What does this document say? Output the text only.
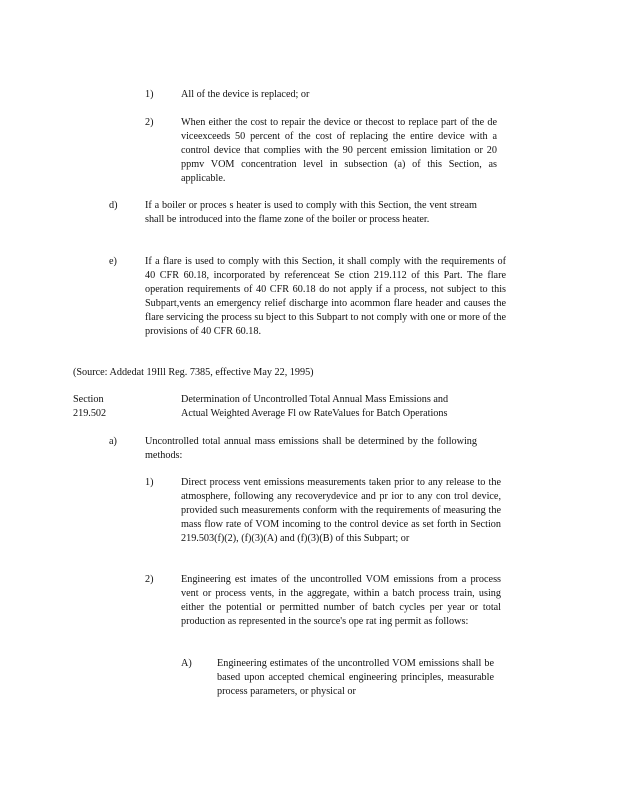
1)	All of the device is replaced; or
2)	When either the cost to repair the device or thecost to replace part of the de viceexceeds 50 percent of the cost of replacing the entire device with a control device that complies with the 90 percent emission limitation or 20 ppmv VOM concentration level in subsection (a) of this Section, as applicable.
d)	If a boiler or proces s heater is used to comply with this Section, the vent stream shall be introduced into the flame zone of the boiler or process heater.
e)	If a flare is used to comply with this Section, it shall comply with the requirements of 40 CFR 60.18, incorporated by referenceat Se ction 219.112 of this Part. The flare operation requirements of 40 CFR 60.18 do not apply if a process, not subject to this Subpart,vents an emergency relief discharge into acommon flare header and causes the flare servicing the process su bject to this Subpart to not comply with one or more of the provisions of 40 CFR 60.18.
(Source: Addedat 19Ill Reg. 7385, effective May 22, 1995)
Section 219.502
Determination of Uncontrolled Total Annual Mass Emissions and
Actual Weighted Average Fl ow RateValues for Batch Operations
a)	Uncontrolled total annual mass emissions shall be determined by the following methods:
1)	Direct process vent emissions measurements taken prior to any release to the atmosphere, following any recoverydevice and pr ior to any con trol device, provided such measurements conform with the requirements of measuring the mass flow rate of VOM incoming to the control device as set forth in Section 219.503(f)(2), (f)(3)(A) and (f)(3)(B) of this Subpart; or
2)	Engineering est imates of the uncontrolled VOM emissions from a process vent or process vents, in the aggregate, within a batch process train, using either the potential or permitted number of batch cycles per year or total production as represented in the source's ope rat ing permit as follows:
A) Engineering estimates of the uncontrolled VOM emissions shall be based upon accepted chemical engineering principles, measurable process parameters, or physical or
